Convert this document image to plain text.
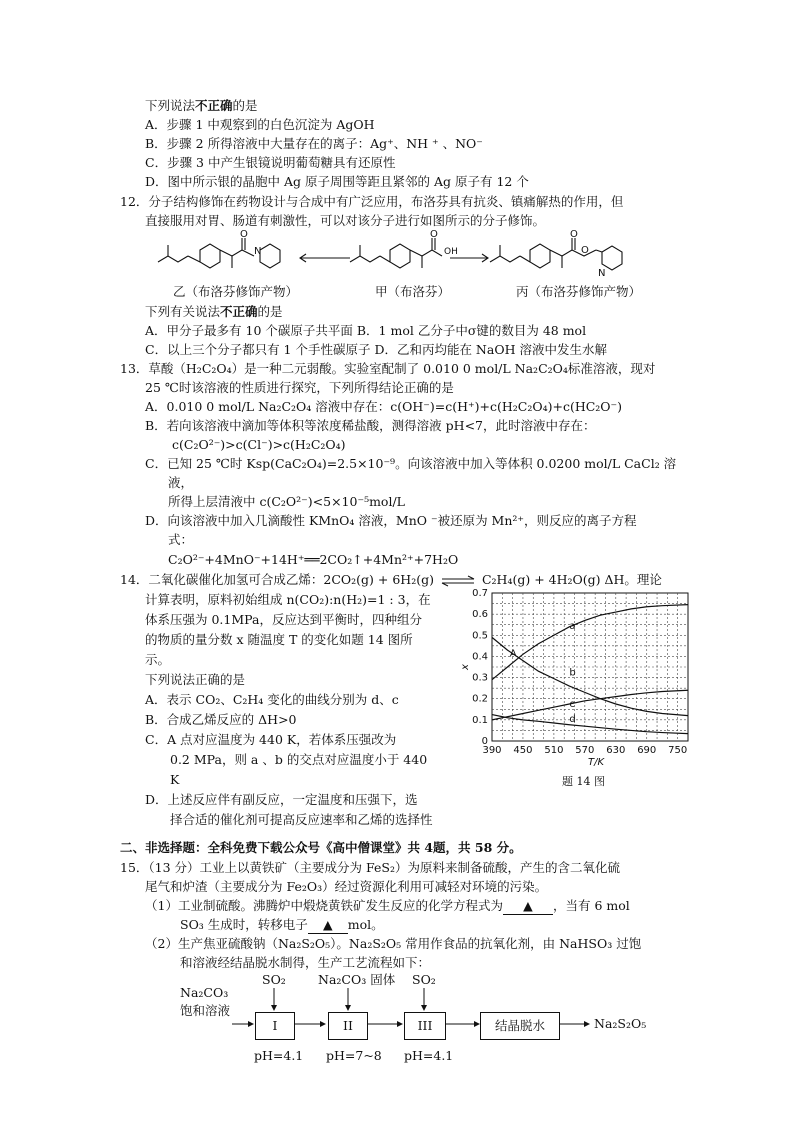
下列说法不正确的是
A．步骤 1 中观察到的白色沉淀为 AgOH
B．步骤 2 所得溶液中大量存在的离子：Ag⁺、NH ⁺ 、NO⁻
C．步骤 3 中产生银镜说明葡萄糖具有还原性
D．图中所示银的晶胞中 Ag 原子周围等距且紧邻的 Ag 原子有 12 个
12．分子结构修饰在药物设计与合成中有广泛应用，布洛芬具有抗炎、镇痛解热的作用，但
直接服用对胃、肠道有刺激性，可以对该分子进行如图所示的分子修饰。
O
N
O
OH
O
O
N
乙（布洛芬修饰产物）	甲（布洛芬）	丙（布洛芬修饰产物）
下列有关说法不正确的是
A．甲分子最多有 10 个碳原子共平面 B．1 mol 乙分子中σ键的数目为 48 mol
C．以上三个分子都只有 1 个手性碳原子 D．乙和丙均能在 NaOH 溶液中发生水解
13．草酸（H₂C₂O₄）是一种二元弱酸。实验室配制了 0.010 0 mol/L Na₂C₂O₄标准溶液，现对
25 ℃时该溶液的性质进行探究，下列所得结论正确的是
A．0.010 0 mol/L Na₂C₂O₄ 溶液中存在：c(OH⁻)=c(H⁺)+c(H₂C₂O₄)+c(HC₂O⁻)
B．若向该溶液中滴加等体积等浓度稀盐酸，测得溶液 pH<7，此时溶液中存在：
c(C₂O²⁻)>c(Cl⁻)>c(H₂C₂O₄)
C．已知 25 ℃时 Ksp(CaC₂O₄)=2.5×10⁻⁹。向该溶液中加入等体积 0.0200 mol/L CaCl₂ 溶
液，
所得上层清液中 c(C₂O²⁻)<5×10⁻⁵mol/L
D．向该溶液中加入几滴酸性 KMnO₄ 溶液，MnO ⁻被还原为 Mn²⁺，则反应的离子方程
式：
C₂O²⁻+4MnO⁻+14H⁺══2CO₂↑+4Mn²⁺+7H₂O
14．二氧化碳催化加氢可合成乙烯：2CO₂(g) + 6H₂(g) ⇌ C₂H₄(g) + 4H₂O(g) ΔH。理论
计算表明，原料初始组成 n(CO₂):n(H₂)=1 : 3，在
体系压强为 0.1MPa，反应达到平衡时，四种组分
的物质的量分数 x 随温度 T 的变化如题 14 图所
示。
下列说法正确的是
A．表示 CO₂、C₂H₄ 变化的曲线分别为 d、c
B．合成乙烯反应的 ΔH>0
C．A 点对应温度为 440 K，若体系压强改为
0.2 MPa，则 a 、b 的交点对应温度小于 440
K
D．上述反应伴有副反应，一定温度和压强下，选
择合适的催化剂可提高反应速率和乙烯的选择性
390 450 510 570 630 690 750
0
0.1
0.2
0.3
0.4
0.5
0.6
0.7
T/K
x
a
b
c
d
A
题 14 图
二、非选择题：全科免费下载公众号《高中僧课堂》共 4题，共 58 分。
15．（13 分）工业上以黄铁矿（主要成分为 FeS₂）为原料来制备硫酸，产生的含二氧化硫
尾气和炉渣（主要成分为 Fe₂O₃）经过资源化利用可减轻对环境的污染。
（1）工业制硫酸。沸腾炉中煅烧黄铁矿发生反应的化学方程式为 ▲ ，当有 6 mol
SO₃ 生成时，转移电子 ▲ mol。
（2）生产焦亚硫酸钠（Na₂S₂O₅）。Na₂S₂O₅ 常用作食品的抗氧化剂，由 NaHSO₃ 过饱
和溶液经结晶脱水制得，生产工艺流程如下：
Na₂CO₃
饱和溶液
SO₂	Na₂CO₃ 固体 SO₂
I	II	III	结晶脱水	Na₂S₂O₅
pH=4.1 pH=7~8 pH=4.1
